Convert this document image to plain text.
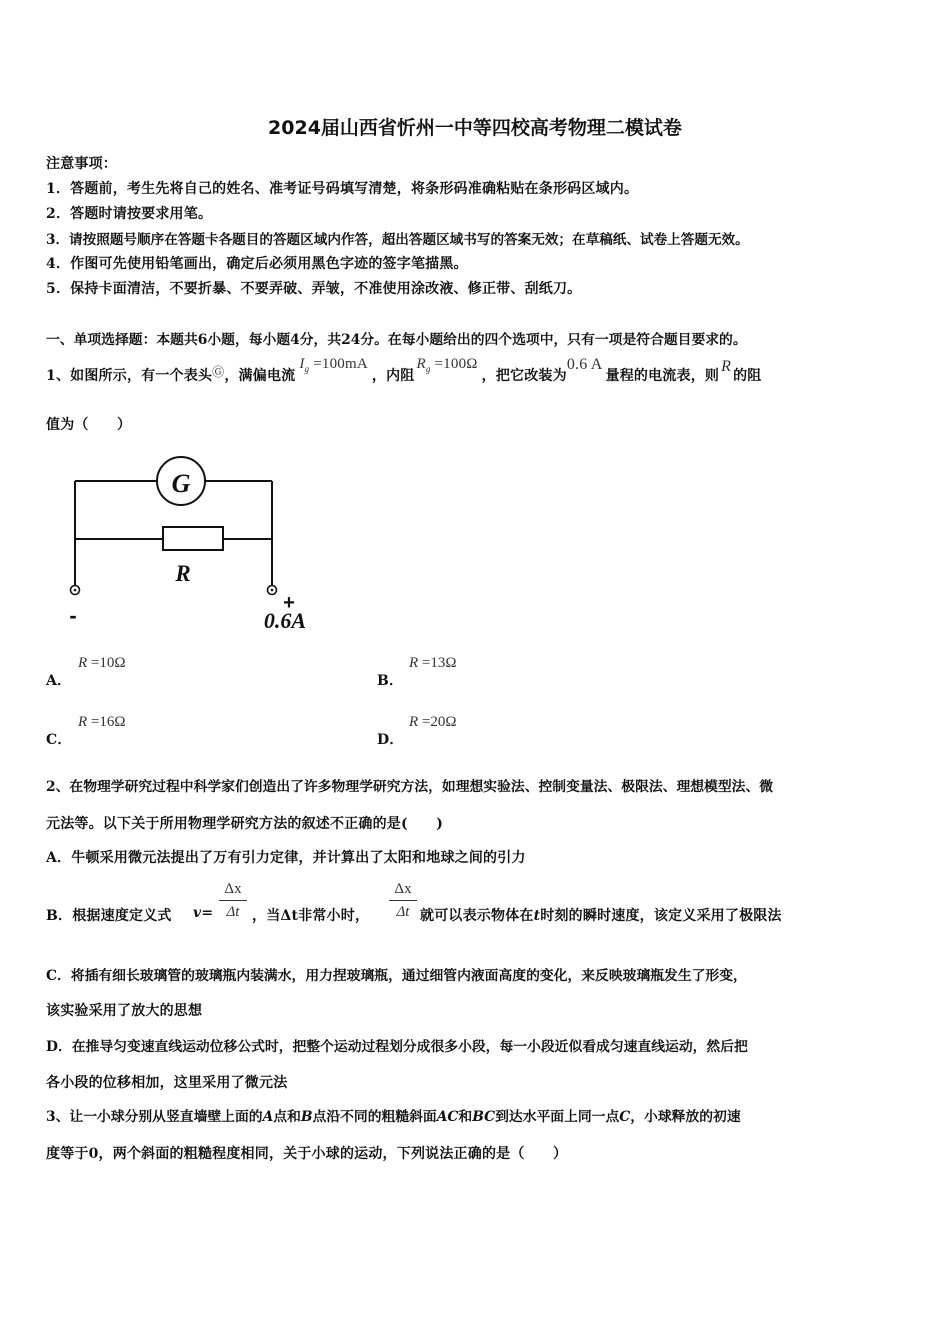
2024届山西省忻州一中等四校高考物理二模试卷
注意事项：
1．答题前，考生先将自己的姓名、准考证号码填写清楚，将条形码准确粘贴在条形码区域内。
2．答题时请按要求用笔。
3．请按照题号顺序在答题卡各题目的答题区域内作答，超出答题区域书写的答案无效；在草稿纸、试卷上答题无效。
4．作图可先使用铅笔画出，确定后必须用黑色字迹的签字笔描黑。
5．保持卡面清洁，不要折暴、不要弄破、弄皱，不准使用涂改液、修正带、刮纸刀。
一、单项选择题：本题共6小题，每小题4分，共24分。在每小题给出的四个选项中，只有一项是符合题目要求的。
1、如图所示，有一个表头 Ⓖ ，满偏电流
$I_g =100mA$
，内阻
$R_g =100\Omega$
，把它改装为
0.6 A
量程的电流表，则
R
的阻
值为（　　）
G
R
-	+
0.6A
A．
R =10Ω
B．
R =13Ω
C．
R =16Ω
D．
R =20Ω
2、在物理学研究过程中科学家们创造出了许多物理学研究方法，如理想实验法、控制变量法、极限法、理想模型法、微
元法等。以下关于所用物理学研究方法的叙述不正确的是(　　)
A．牛顿采用微元法提出了万有引力定律，并计算出了太阳和地球之间的引力
B．根据速度定义式 v=
Δx
Δt ，当Δt非常小时，
Δx
Δt 就可以表示物体在t时刻的瞬时速度，该定义采用了极限法
C．将插有细长玻璃管的玻璃瓶内装满水，用力捏玻璃瓶，通过细管内液面高度的变化，来反映玻璃瓶发生了形变，
该实验采用了放大的思想
D．在推导匀变速直线运动位移公式时，把整个运动过程划分成很多小段，每一小段近似看成匀速直线运动，然后把
各小段的位移相加，这里采用了微元法
3、让一小球分别从竖直墙壁上面的A点和B点沿不同的粗糙斜面AC和BC到达水平面上同一点C，小球释放的初速
度等于0，两个斜面的粗糙程度相同，关于小球的运动，下列说法正确的是（　　）
